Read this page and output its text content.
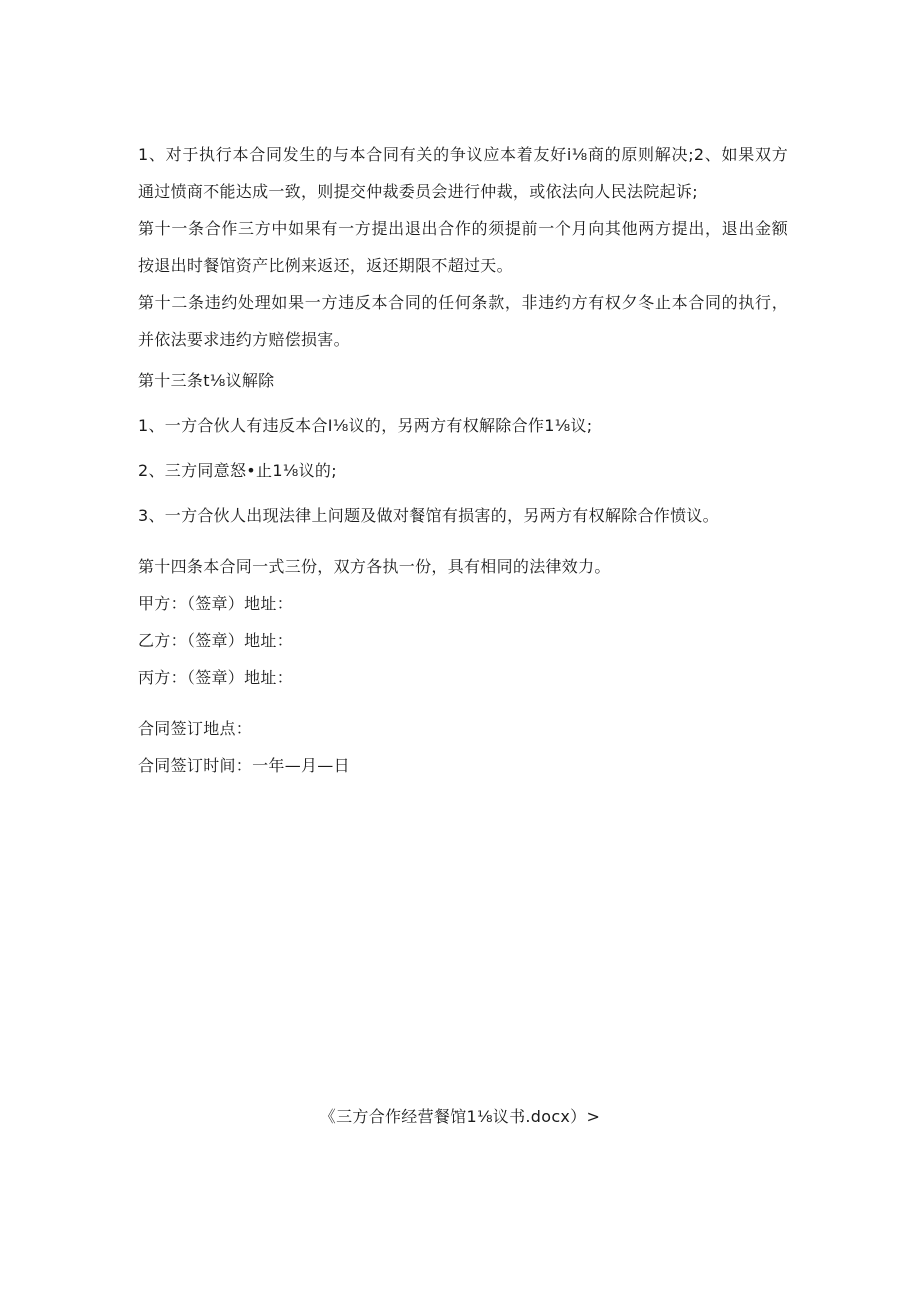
1、对于执行本合同发生的与本合同有关的争议应本着友好i⅛商的原则解决;2、如果双方通过愤商不能达成一致，则提交仲裁委员会进行仲裁，或依法向人民法院起诉;

第十一条合作三方中如果有一方提出退出合作的须提前一个月向其他两方提出，退出金额按退出时餐馆资产比例来返还，返还期限不超过天。

第十二条违约处理如果一方违反本合同的任何条款，非违约方有权夕冬止本合同的执行，并依法要求违约方赔偿损害。

第十三条t⅛议解除

1、一方合伙人有违反本合I⅛议的，另两方有权解除合作1⅛议;

2、三方同意怒•止1⅛议的;

3、一方合伙人出现法律上问题及做对餐馆有损害的，另两方有权解除合作愤议。

第十四条本合同一式三份，双方各执一份，具有相同的法律效力。

甲方：（签章）地址：

乙方：（签章）地址：

丙方：（签章）地址：

合同签订地点：

合同签订时间：一年—月—日

《三方合作经营餐馆1⅛议书.docx）>
